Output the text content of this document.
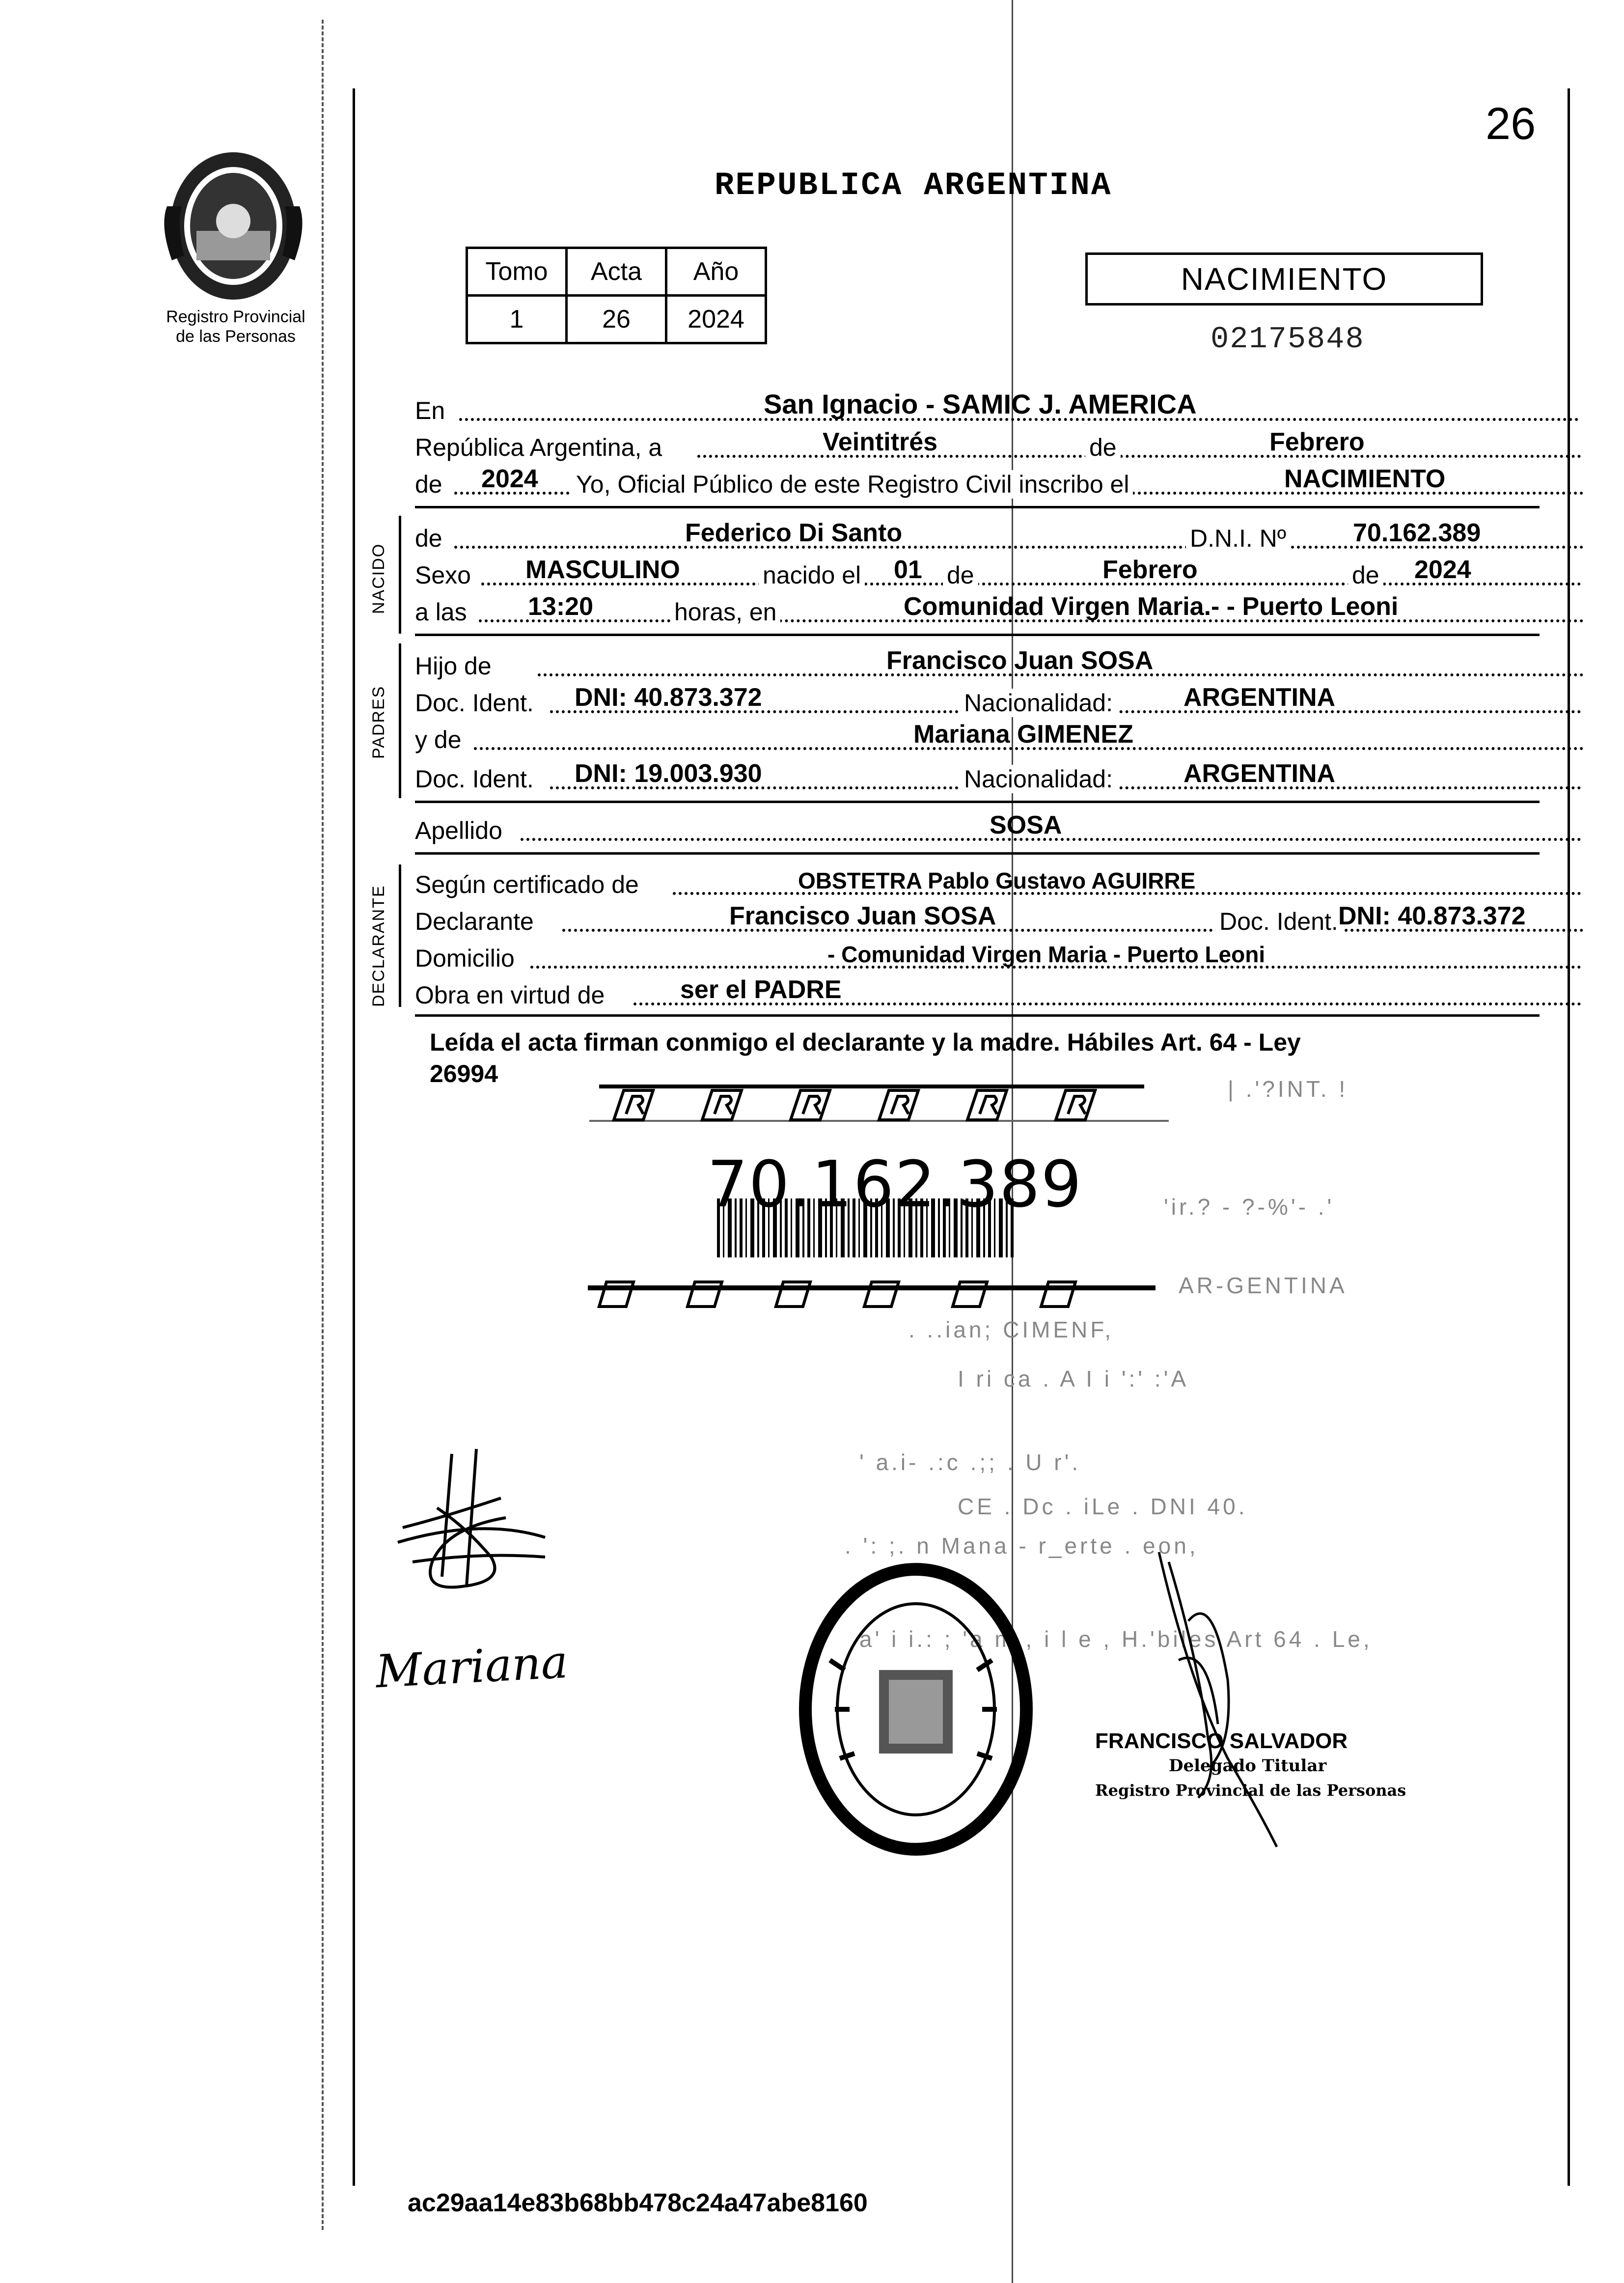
26
Registro Provincial
de las Personas
REPUBLICA ARGENTINA
Tomo	Acta	Año
1	26	2024
NACIMIENTO
02175848
En	San Ignacio - SAMIC J. AMERICA
República Argentina, a	Veintitrés	de	Febrero
de 2024 Yo, Oficial Público de este Registro Civil inscribo el	NACIMIENTO
NACIDO
de	Federico Di Santo	D.N.I. Nº	70.162.389
Sexo MASCULINO	nacido el 01 de	Febrero	de 2024
a las 13:20	horas, en	Comunidad Virgen Maria.- - Puerto Leoni
PADRES
Hijo de	Francisco Juan SOSA
Doc. Ident. DNI: 40.873.372	Nacionalidad:	ARGENTINA
y de	Mariana GIMENEZ
Doc. Ident. DNI: 19.003.930	Nacionalidad:	ARGENTINA
Apellido	SOSA
DECLARANTE
Según certificado de	OBSTETRA Pablo Gustavo AGUIRRE
Declarante	Francisco Juan SOSA	Doc. Ident. DNI: 40.873.372
Domicilio	- Comunidad Virgen Maria - Puerto Leoni
Obra en virtud de	ser el PADRE
Leída el acta firman conmigo el declarante y la madre. Hábiles Art. 64 - Ley
26994
70.162.389
| .'?INT. !
'ir.? - ?-%'- .'
AR-GENTINA
. ..ian; CIMENF,
I ri ca . A I i ':' :'A
' a.i- .:c .;; . U r'.
CE . Dc . iLe . DNI 40.
. ': ;. n Mana - r_erte . eon,
a' i i.: ; 'a m , i l e , H.'biles Art 64 . Le,
Mariana
FRANCISCO SALVADOR
Delegado Titular
Registro Provincial de las Personas
ac29aa14e83b68bb478c24a47abe8160
